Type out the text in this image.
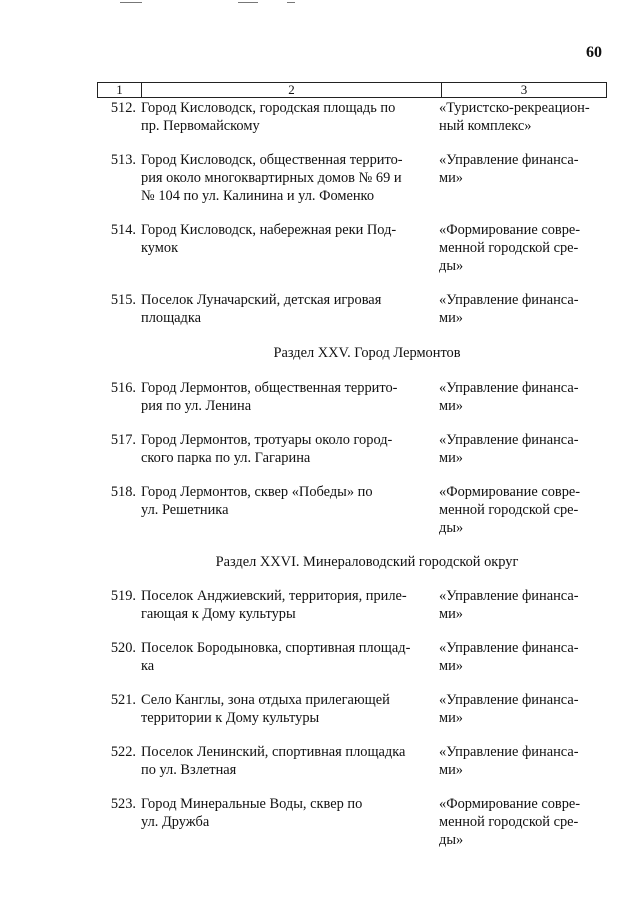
60
1	2	3
512. Город Кисловодск, городская площадь по
пр. Первомайскому
«Туристско-рекреацион-
ный комплекс»
513. Город Кисловодск, общественная террито-
рия около многоквартирных домов № 69 и
№ 104 по ул. Калинина и ул. Фоменко
«Управление финанса-
ми»
514. Город Кисловодск, набережная реки Под-
кумок
«Формирование совре-
менной городской сре-
ды»
515. Поселок Луначарский, детская игровая
площадка
«Управление финанса-
ми»
Раздел XXV. Город Лермонтов
516. Город Лермонтов, общественная террито-
рия по ул. Ленина
«Управление финанса-
ми»
517. Город Лермонтов, тротуары около город-
ского парка по ул. Гагарина
«Управление финанса-
ми»
518. Город Лермонтов, сквер «Победы» по
ул. Решетника
«Формирование совре-
менной городской сре-
ды»
Раздел XXVI. Минераловодский городской округ
519. Поселок Анджиевский, территория, приле-
гающая к Дому культуры
«Управление финанса-
ми»
520. Поселок Бородыновка, спортивная площад-
ка
«Управление финанса-
ми»
521. Село Канглы, зона отдыха прилегающей
территории к Дому культуры
«Управление финанса-
ми»
522. Поселок Ленинский, спортивная площадка
по ул. Взлетная
«Управление финанса-
ми»
523. Город Минеральные Воды, сквер по
ул. Дружба
«Формирование совре-
менной городской сре-
ды»
